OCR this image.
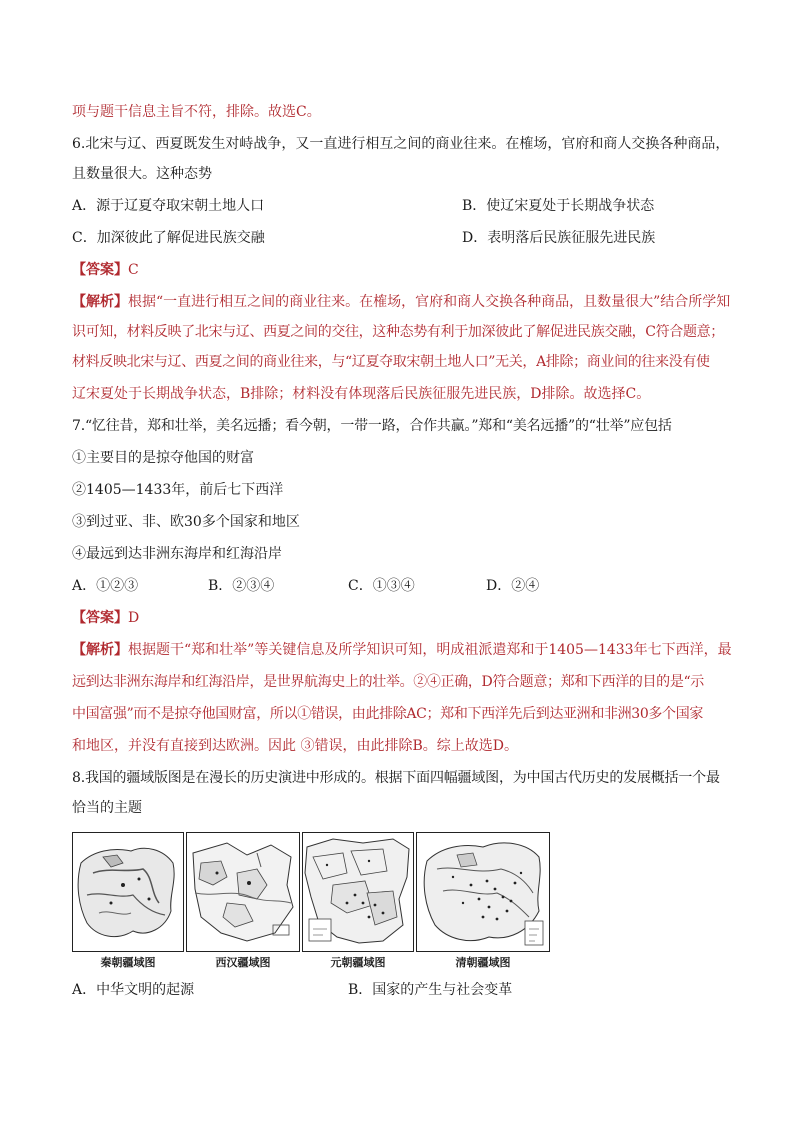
项与题干信息主旨不符，排除。故选C。
6.北宋与辽、西夏既发生对峙战争，又一直进行相互之间的商业往来。在榷场，官府和商人交换各种商品，
且数量很大。这种态势
A．源于辽夏夺取宋朝土地人口	B．使辽宋夏处于长期战争状态
C．加深彼此了解促进民族交融	D．表明落后民族征服先进民族
【答案】C
【解析】根据“一直进行相互之间的商业往来。在榷场，官府和商人交换各种商品，且数量很大”结合所学知
识可知，材料反映了北宋与辽、西夏之间的交往，这种态势有利于加深彼此了解促进民族交融，C符合题意；
材料反映北宋与辽、西夏之间的商业往来，与“辽夏夺取宋朝土地人口”无关，A排除；商业间的往来没有使
辽宋夏处于长期战争状态，B排除；材料没有体现落后民族征服先进民族，D排除。故选择C。
7.“忆往昔，郑和壮举，美名远播；看今朝，一带一路，合作共赢。”郑和“美名远播”的“壮举”应包括
①主要目的是掠夺他国的财富
②1405—1433年，前后七下西洋
③到过亚、非、欧30多个国家和地区
④最远到达非洲东海岸和红海沿岸
A．①②③	B．②③④	C．①③④	D．②④
【答案】D
【解析】根据题干“郑和壮举”等关键信息及所学知识可知，明成祖派遣郑和于1405—1433年七下西洋，最
远到达非洲东海岸和红海沿岸，是世界航海史上的壮举。②④正确，D符合题意；郑和下西洋的目的是“示
中国富强”而不是掠夺他国财富，所以①错误，由此排除AC；郑和下西洋先后到达亚洲和非洲30多个国家
和地区，并没有直接到达欧洲。因此 ③错误，由此排除B。综上故选D。
8.我国的疆域版图是在漫长的历史演进中形成的。根据下面四幅疆域图，为中国古代历史的发展概括一个最
恰当的主题
秦朝疆域图	西汉疆域图	元朝疆域图	清朝疆域图
A．中华文明的起源	B．国家的产生与社会变革
